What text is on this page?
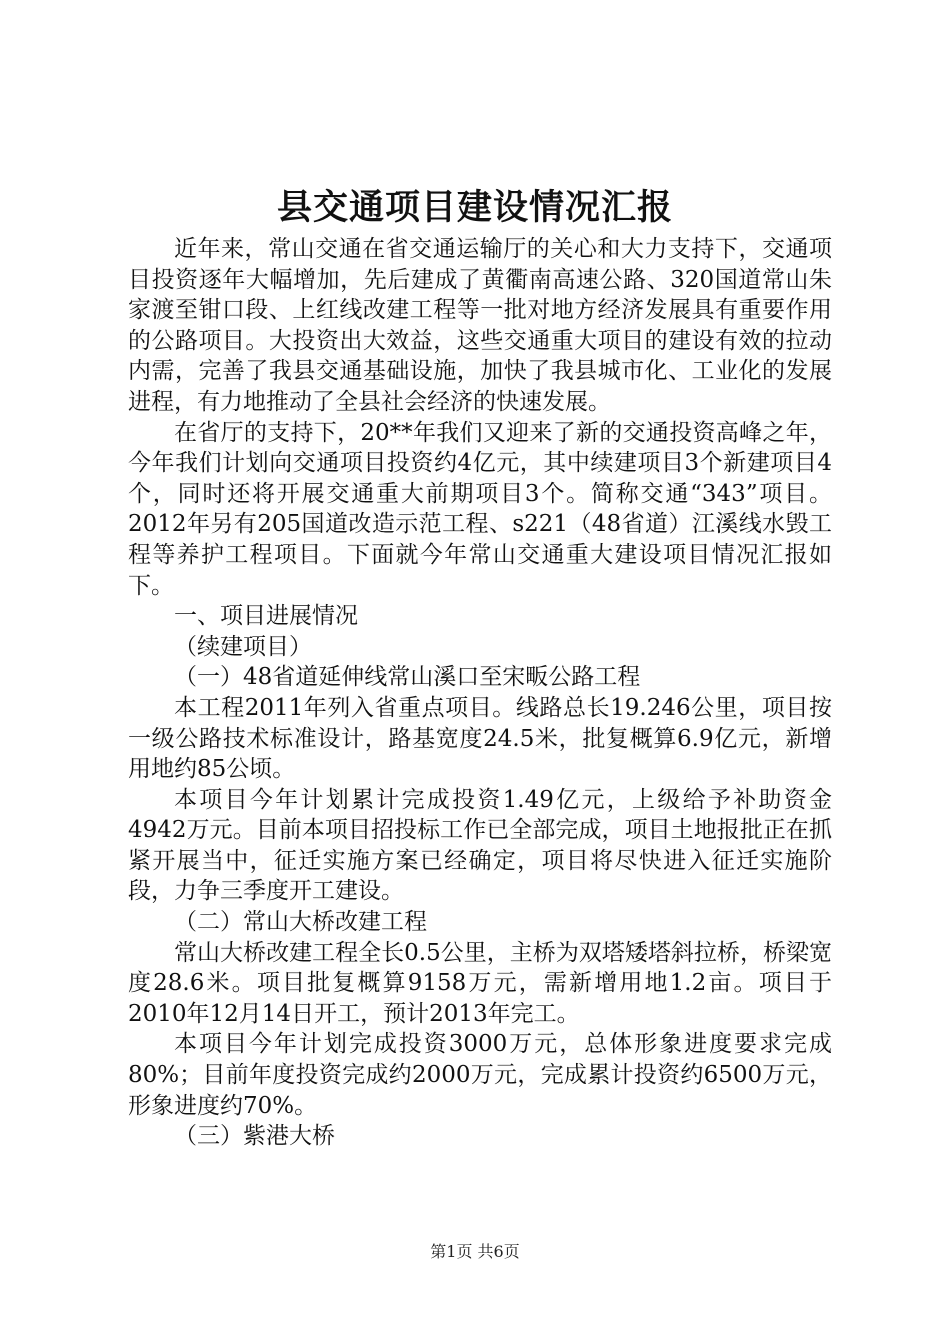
县交通项目建设情况汇报

近年来，常山交通在省交通运输厅的关心和大力支持下，交通项目投资逐年大幅增加，先后建成了黄衢南高速公路、320国道常山朱家渡至钳口段、上红线改建工程等一批对地方经济发展具有重要作用的公路项目。大投资出大效益，这些交通重大项目的建设有效的拉动内需，完善了我县交通基础设施，加快了我县城市化、工业化的发展进程，有力地推动了全县社会经济的快速发展。

在省厅的支持下，20**年我们又迎来了新的交通投资高峰之年，今年我们计划向交通项目投资约4亿元，其中续建项目3个新建项目4个，同时还将开展交通重大前期项目3个。简称交通“343”项目。2012年另有205国道改造示范工程、s221（48省道）江溪线水毁工程等养护工程项目。下面就今年常山交通重大建设项目情况汇报如下。

一、项目进展情况

（续建项目）

（一）48省道延伸线常山溪口至宋畈公路工程

本工程2011年列入省重点项目。线路总长19.246公里，项目按一级公路技术标准设计，路基宽度24.5米，批复概算6.9亿元，新增用地约85公顷。

本项目今年计划累计完成投资1.49亿元，上级给予补助资金4942万元。目前本项目招投标工作已全部完成，项目土地报批正在抓紧开展当中，征迁实施方案已经确定，项目将尽快进入征迁实施阶段，力争三季度开工建设。

（二）常山大桥改建工程

常山大桥改建工程全长0.5公里，主桥为双塔矮塔斜拉桥，桥梁宽度28.6米。项目批复概算9158万元，需新增用地1.2亩。项目于2010年12月14日开工，预计2013年完工。

本项目今年计划完成投资3000万元，总体形象进度要求完成80%；目前年度投资完成约2000万元，完成累计投资约6500万元，形象进度约70%。

（三）紫港大桥

第1页 共6页
